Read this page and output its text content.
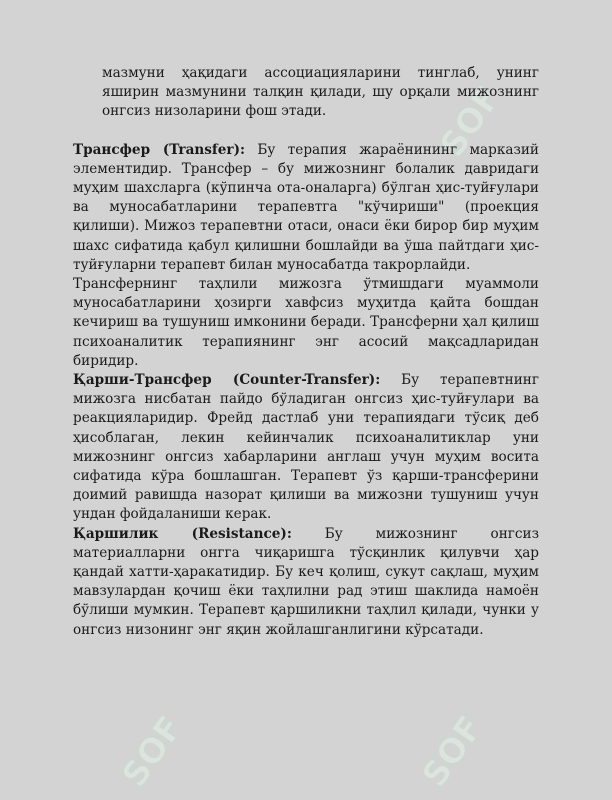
SOF
SOF	SOF

мазмуни ҳақидаги ассоциацияларини тинглаб, унинг яширин мазмунини талқин қилади, шу орқали мижознинг онгсиз низоларини фош этади.

Трансфер (Transfer): Бу терапия жараёнининг марказий элементидир. Трансфер – бу мижознинг болалик давридаги муҳим шахсларга (кўпинча ота-оналарга) бўлган ҳис-туйғулари ва муносабатларини терапевтга "кўчириши" (проекция қилиши). Мижоз терапевтни отаси, онаси ёки бирор бир муҳим шахс сифатида қабул қилишни бошлайди ва ўша пайтдаги ҳис-туйғуларни терапевт билан муносабатда такрорлайди.

Трансфернинг таҳлили мижозга ўтмишдаги муаммоли муносабатларини ҳозирги хавфсиз муҳитда қайта бошдан кечириш ва тушуниш имконини беради. Трансферни ҳал қилиш психоаналитик терапиянинг энг асосий мақсадларидан биридир.

Қарши-Трансфер (Counter-Transfer): Бу терапевтнинг мижозга нисбатан пайдо бўладиган онгсиз ҳис-туйғулари ва реакцияларидир. Фрейд дастлаб уни терапиядаги тўсиқ деб ҳисоблаган, лекин кейинчалик психоаналитиклар уни мижознинг онгсиз хабарларини англаш учун муҳим восита сифатида кўра бошлашган. Терапевт ўз қарши-трансферини доимий равишда назорат қилиши ва мижозни тушуниш учун ундан фойдаланиши керак.

Қаршилик (Resistance): Бу мижознинг онгсиз материалларни онгга чиқаришга тўсқинлик қилувчи ҳар қандай хатти-ҳаракатидир. Бу кеч қолиш, сукут сақлаш, муҳим мавзулардан қочиш ёки таҳлилни рад этиш шаклида намоён бўлиши мумкин. Терапевт қаршиликни таҳлил қилади, чунки у онгсиз низонинг энг яқин жойлашганлигини кўрсатади.
